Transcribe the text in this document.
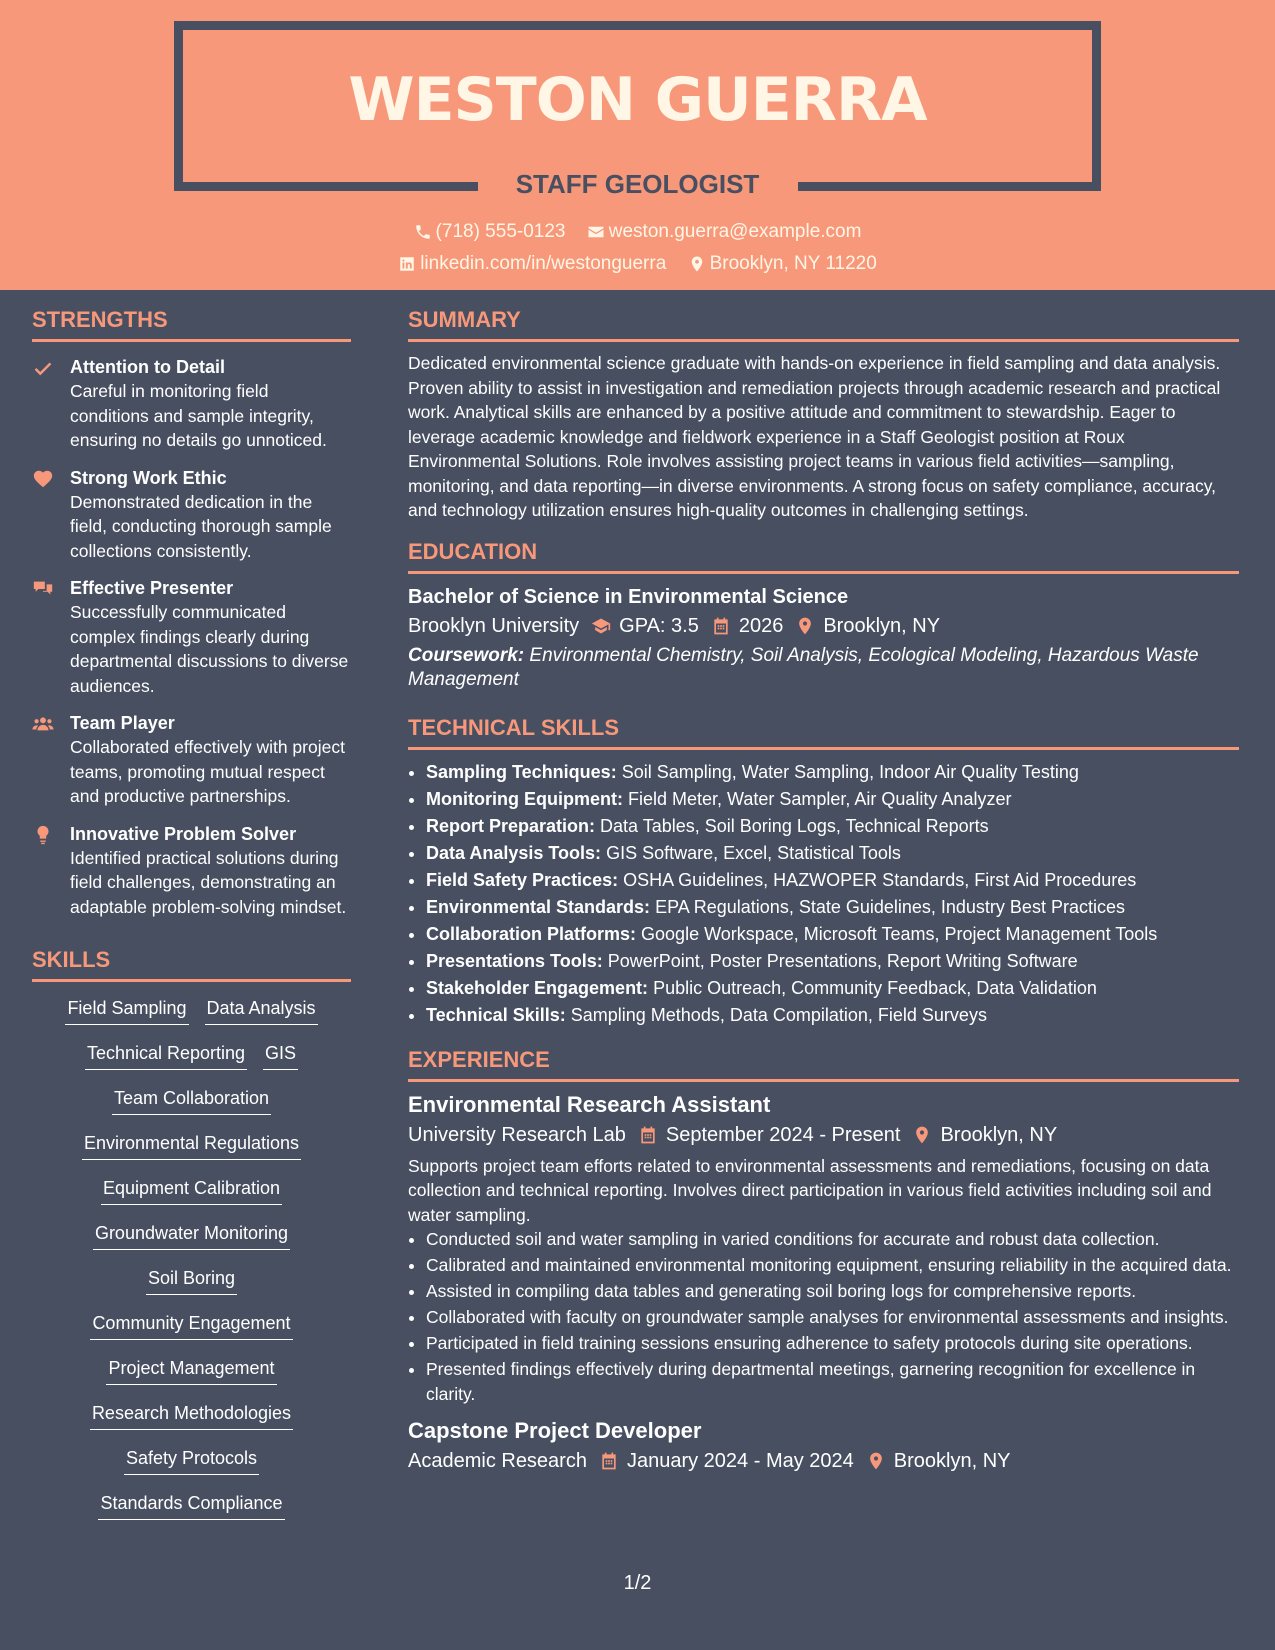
WESTON GUERRA
STAFF GEOLOGIST
(718) 555-0123
weston.guerra@example.com
linkedin.com/in/westonguerra
Brooklyn, NY 11220
STRENGTHS
Attention to Detail
Careful in monitoring field conditions and sample integrity, ensuring no details go unnoticed.
Strong Work Ethic
Demonstrated dedication in the field, conducting thorough sample collections consistently.
Effective Presenter
Successfully communicated complex findings clearly during departmental discussions to diverse audiences.
Team Player
Collaborated effectively with project teams, promoting mutual respect and productive partnerships.
Innovative Problem Solver
Identified practical solutions during field challenges, demonstrating an adaptable problem-solving mindset.
SKILLS
Field Sampling Data Analysis
Technical Reporting GIS
Team Collaboration
Environmental Regulations
Equipment Calibration
Groundwater Monitoring
Soil Boring
Community Engagement
Project Management
Research Methodologies
Safety Protocols
Standards Compliance
SUMMARY

Dedicated environmental science graduate with hands-on experience in field sampling and data analysis. Proven ability to assist in investigation and remediation projects through academic research and practical work. Analytical skills are enhanced by a positive attitude and commitment to stewardship. Eager to leverage academic knowledge and fieldwork experience in a Staff Geologist position at Roux Environmental Solutions. Role involves assisting project teams in various field activities—sampling, monitoring, and data reporting—in diverse environments. A strong focus on safety compliance, accuracy, and technology utilization ensures high-quality outcomes in challenging settings.

EDUCATION
Bachelor of Science in Environmental Science
Brooklyn University GPA: 3.5 2026 Brooklyn, NY
Coursework: Environmental Chemistry, Soil Analysis, Ecological Modeling, Hazardous Waste Management
TECHNICAL SKILLS
• Sampling Techniques: Soil Sampling, Water Sampling, Indoor Air Quality Testing
• Monitoring Equipment: Field Meter, Water Sampler, Air Quality Analyzer
• Report Preparation: Data Tables, Soil Boring Logs, Technical Reports
• Data Analysis Tools: GIS Software, Excel, Statistical Tools
• Field Safety Practices: OSHA Guidelines, HAZWOPER Standards, First Aid Procedures
• Environmental Standards: EPA Regulations, State Guidelines, Industry Best Practices
• Collaboration Platforms: Google Workspace, Microsoft Teams, Project Management Tools
• Presentations Tools: PowerPoint, Poster Presentations, Report Writing Software
• Stakeholder Engagement: Public Outreach, Community Feedback, Data Validation
• Technical Skills: Sampling Methods, Data Compilation, Field Surveys
EXPERIENCE
Environmental Research Assistant
University Research Lab September 2024 - Present Brooklyn, NY

Supports project team efforts related to environmental assessments and remediations, focusing on data collection and technical reporting. Involves direct participation in various field activities including soil and water sampling.

• Conducted soil and water sampling in varied conditions for accurate and robust data collection.
• Calibrated and maintained environmental monitoring equipment, ensuring reliability in the acquired data.
• Assisted in compiling data tables and generating soil boring logs for comprehensive reports.
• Collaborated with faculty on groundwater sample analyses for environmental assessments and insights.
• Participated in field training sessions ensuring adherence to safety protocols during site operations.
• Presented findings effectively during departmental meetings, garnering recognition for excellence in clarity.
Capstone Project Developer
Academic Research January 2024 - May 2024 Brooklyn, NY
1/2
